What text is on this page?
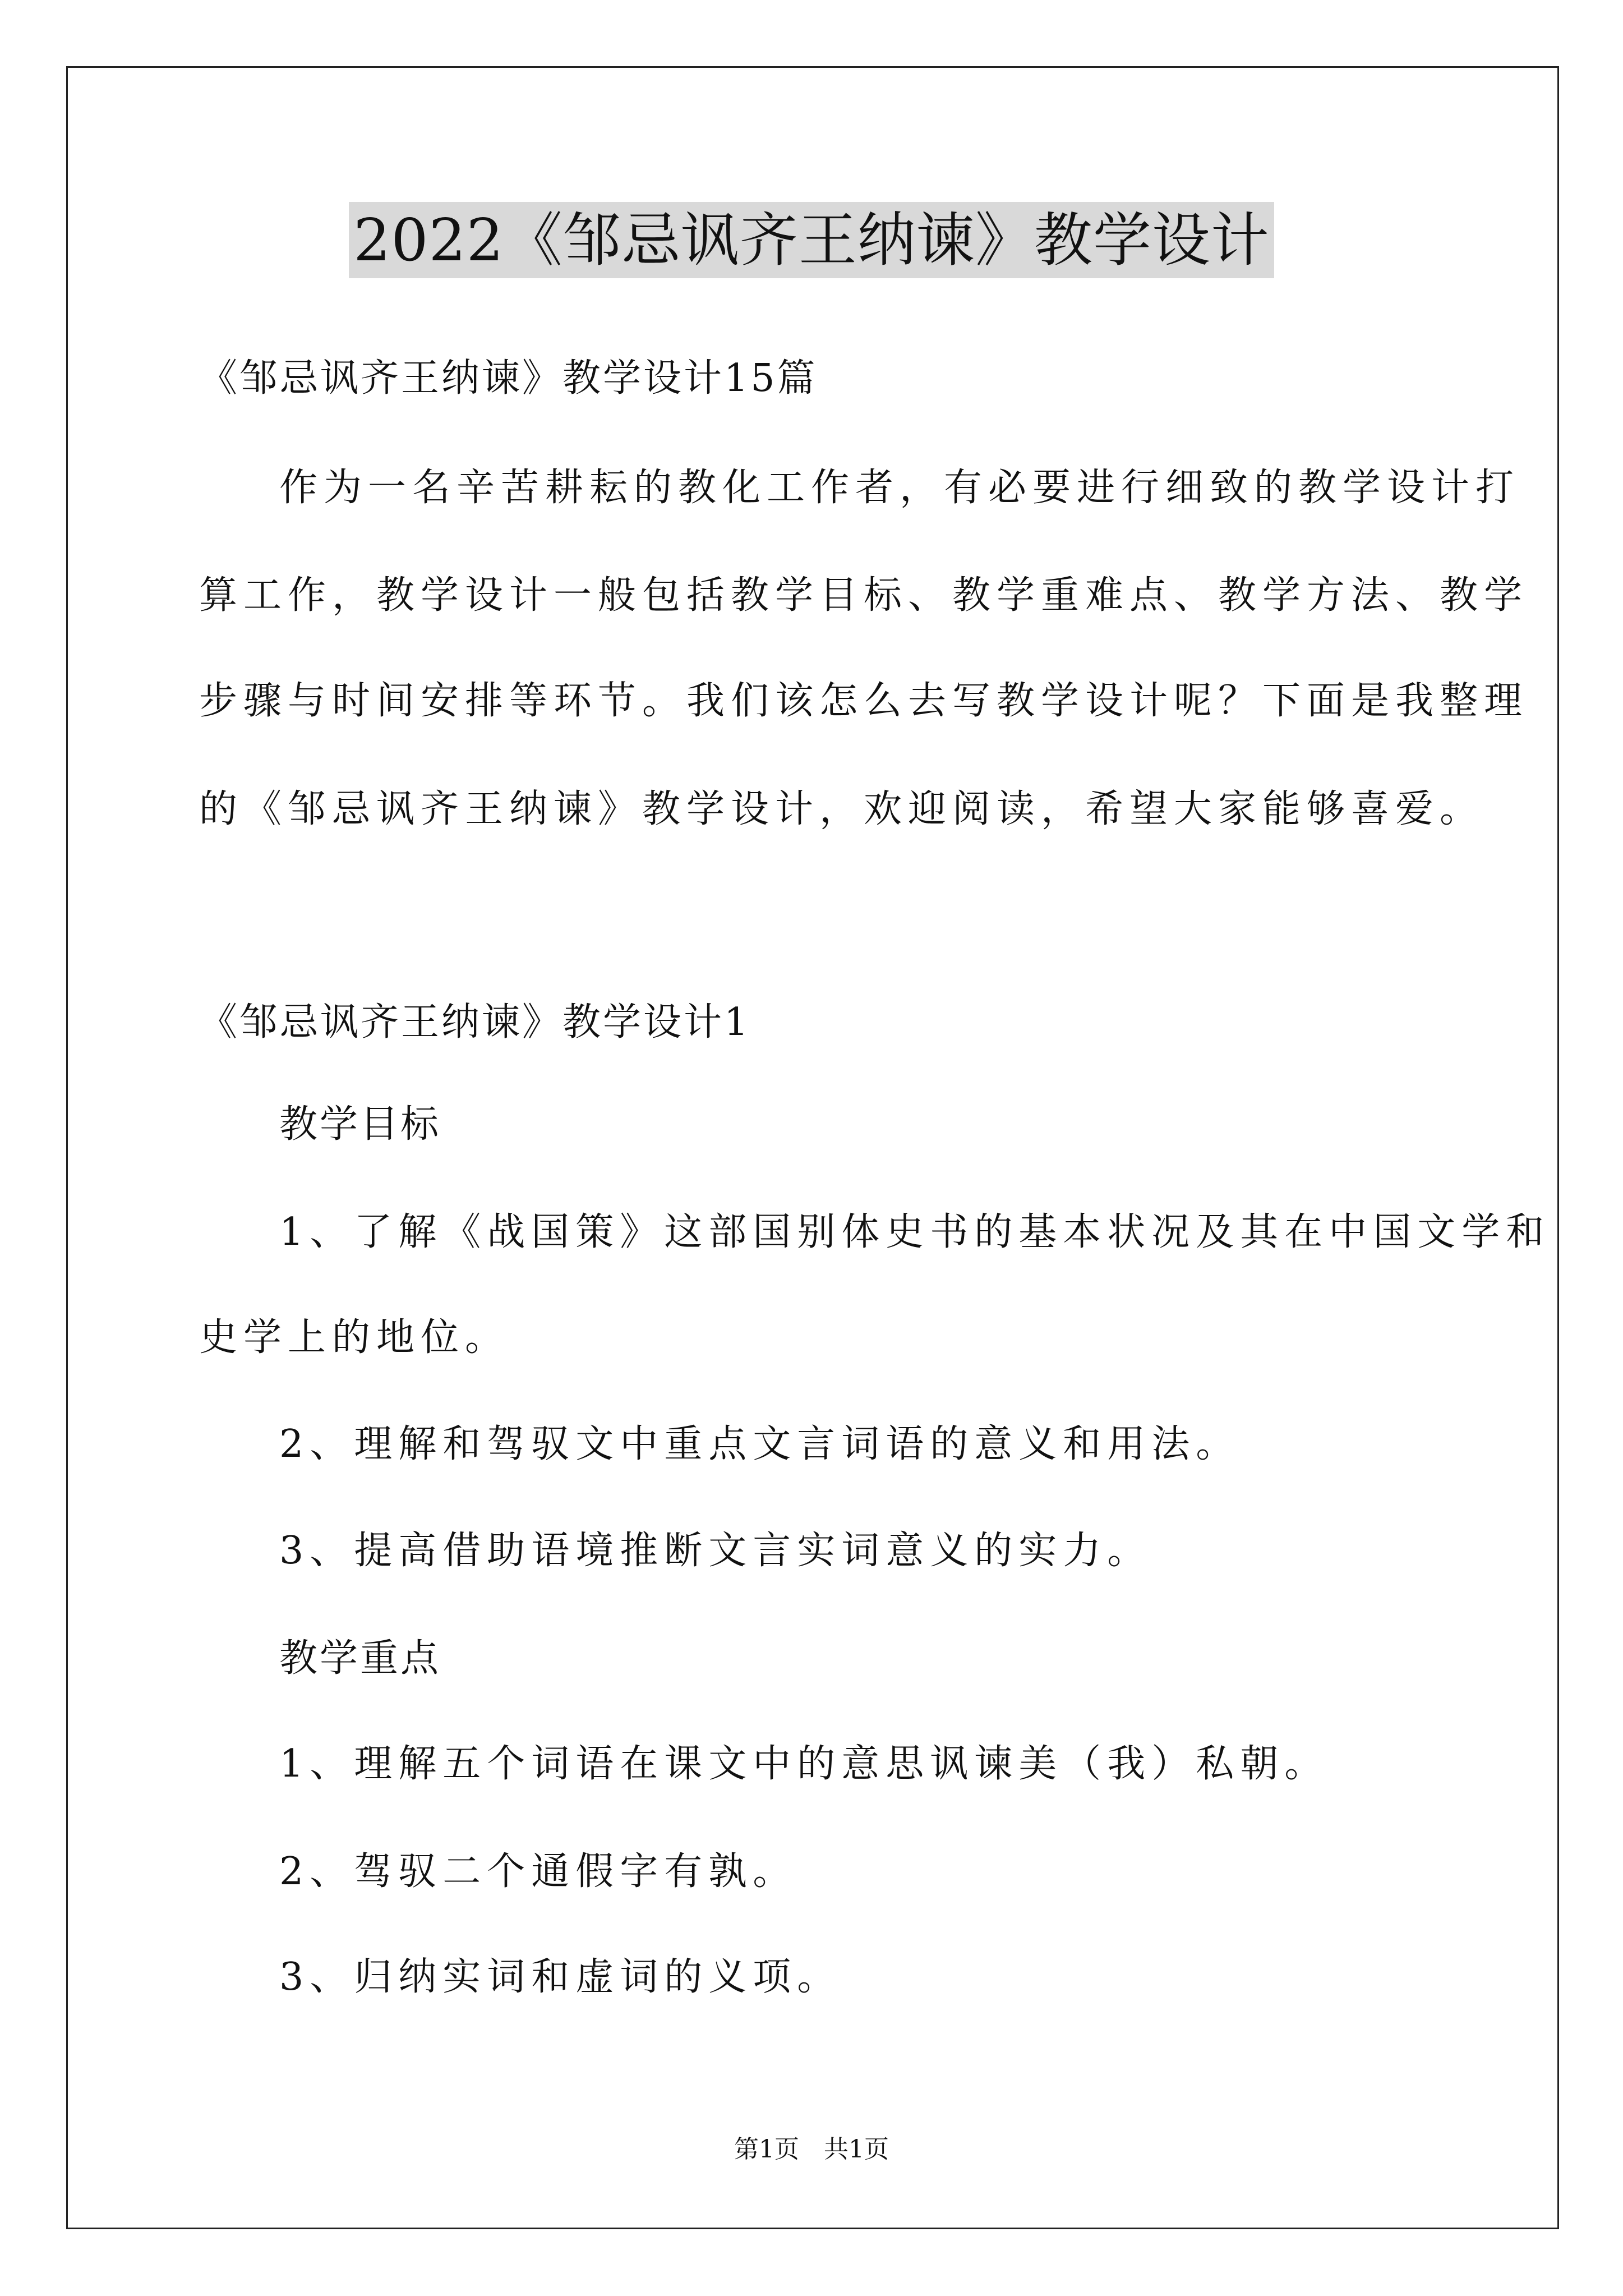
2022《邹忌讽齐王纳谏》教学设计
《邹忌讽齐王纳谏》教学设计15篇
作为一名辛苦耕耘的教化工作者，有必要进行细致的教学设计打
算工作，教学设计一般包括教学目标、教学重难点、教学方法、教学
步骤与时间安排等环节。我们该怎么去写教学设计呢？下面是我整理
的《邹忌讽齐王纳谏》教学设计，欢迎阅读，希望大家能够喜爱。
《邹忌讽齐王纳谏》教学设计1
教学目标
1、了解《战国策》这部国别体史书的基本状况及其在中国文学和
史学上的地位。
2、理解和驾驭文中重点文言词语的意义和用法。
3、提高借助语境推断文言实词意义的实力。
教学重点
1、理解五个词语在课文中的意思讽谏美（我）私朝。
2、驾驭二个通假字有孰。
3、归纳实词和虚词的义项。
第1页　共1页
